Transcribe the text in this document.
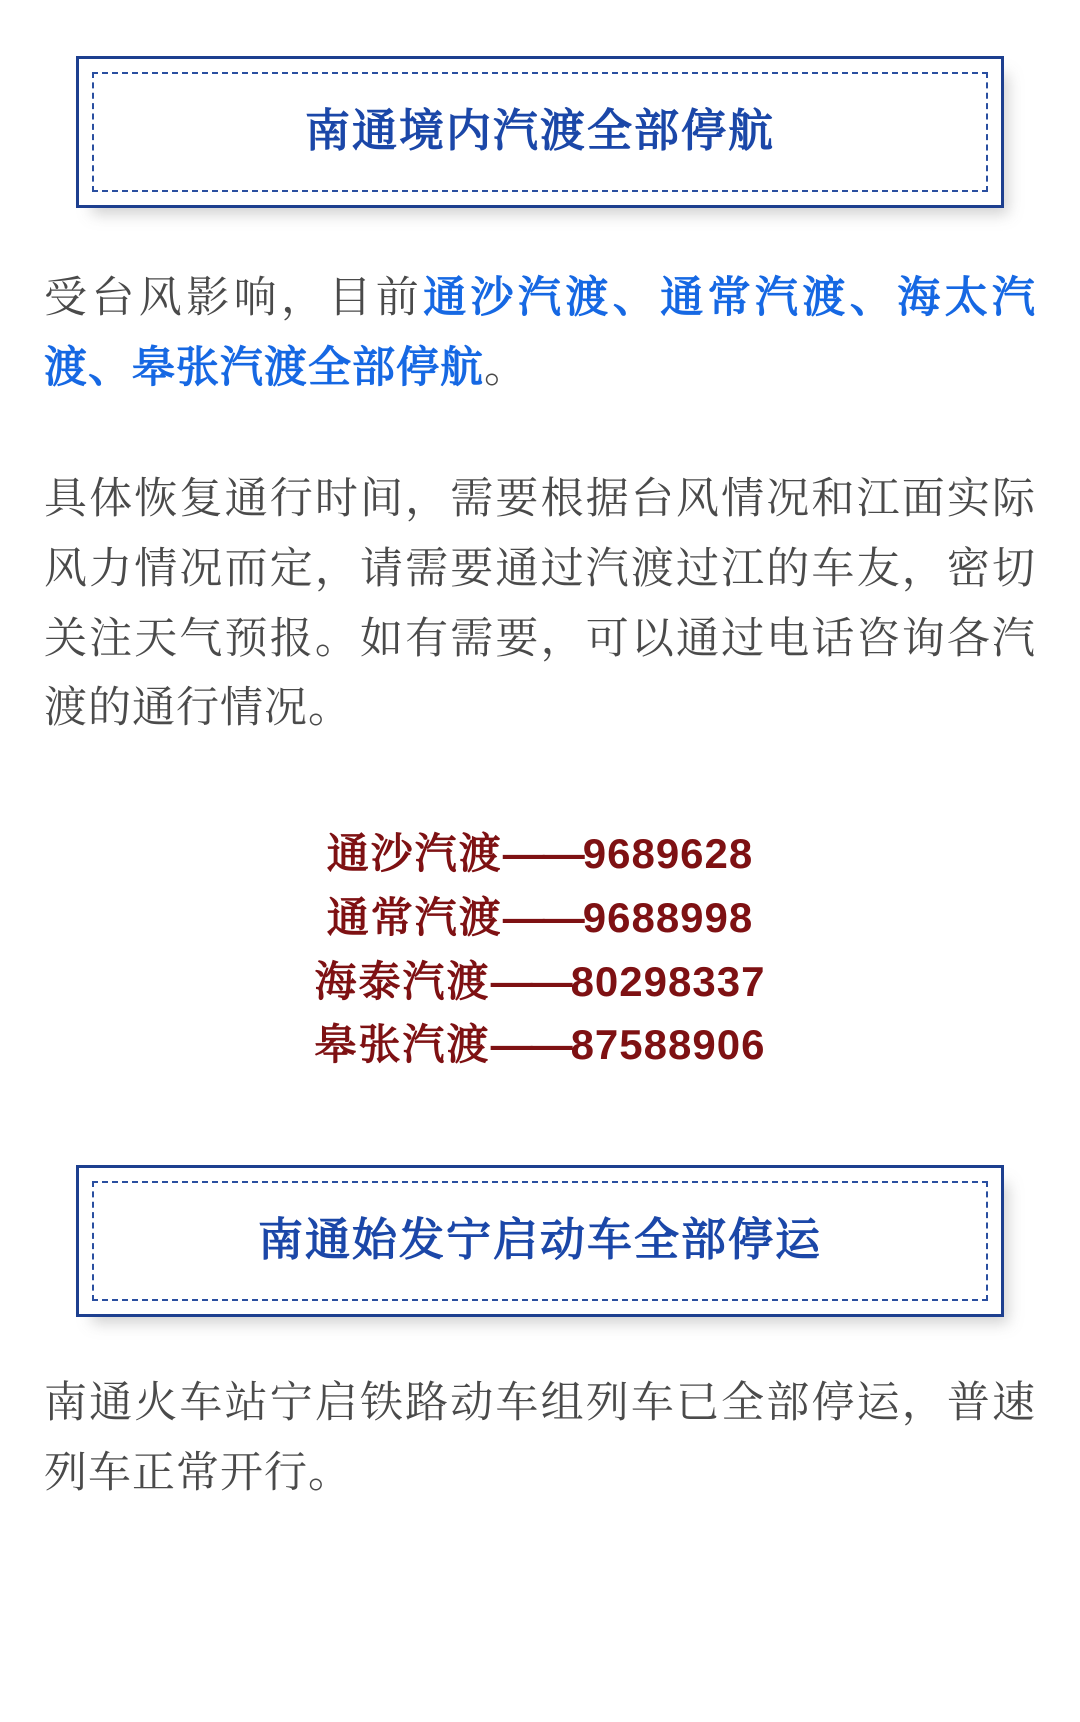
南通境内汽渡全部停航

受台风影响，目前通沙汽渡、通常汽渡、海太汽渡、皋张汽渡全部停航。

具体恢复通行时间，需要根据台风情况和江面实际风力情况而定，请需要通过汽渡过江的车友，密切关注天气预报。如有需要，可以通过电话咨询各汽渡的通行情况。

通沙汽渡——9689628
通常汽渡——9688998
海泰汽渡——80298337
皋张汽渡——87588906
南通始发宁启动车全部停运

南通火车站宁启铁路动车组列车已全部停运，普速列车正常开行。
